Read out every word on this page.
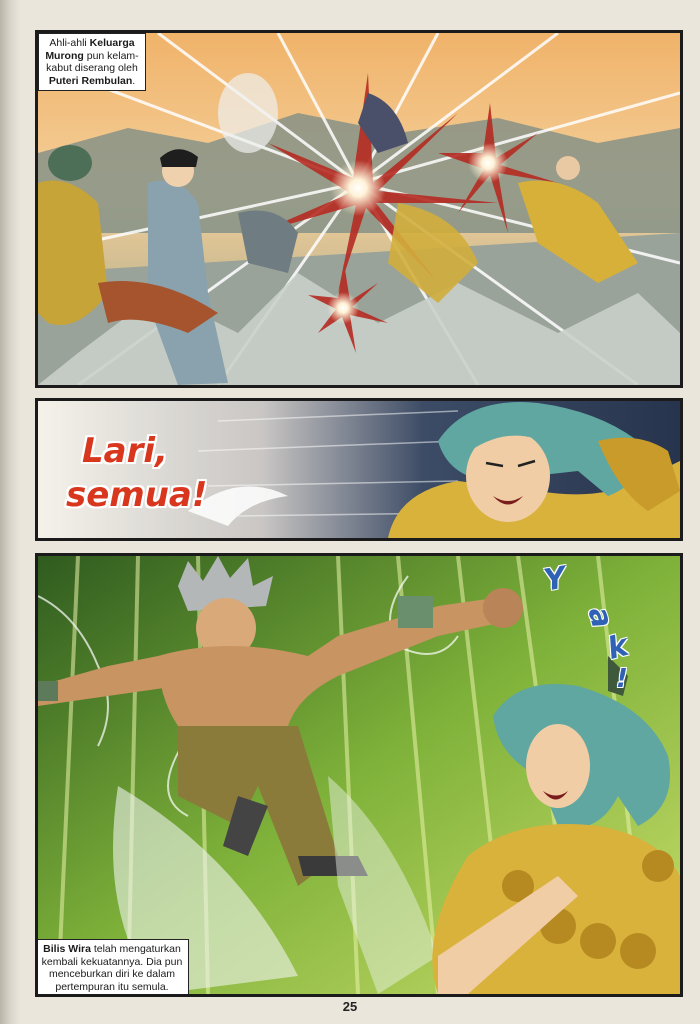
Ahli-ahli Keluarga Murong pun kelam-kabut diserang oleh Puteri Rembulan.
Lari,
semua!
Y
a
k
!
Bilis Wira telah mengaturkan kembali kekuatannya. Dia pun menceburkan diri ke dalam pertempuran itu semula.
25
